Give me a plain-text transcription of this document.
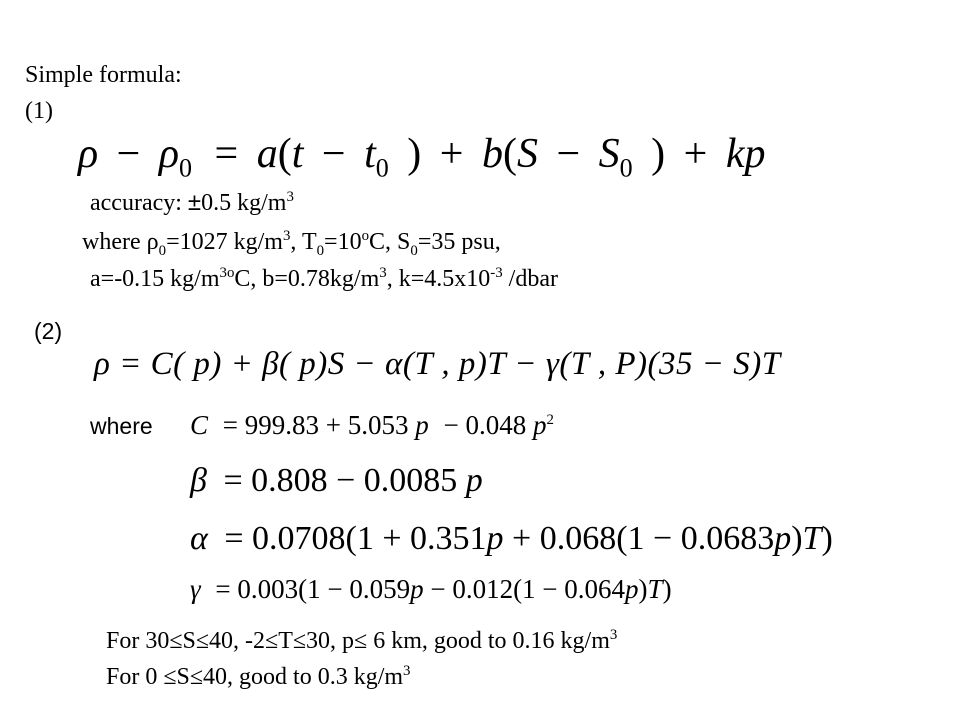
Simple formula:
(1)
$\rho - \rho_0 = a(t - t_0$ ) + $b(S - S_0$ ) + kp
accuracy: ±0.5 $kg/m^3$
where $\rho_0=1027$ $kg/m^3$, $T_0=10^oC$, $S_0=35$ psu,
a=-0.15 $kg/m^{3o}C$, $b=0.78kg/m^3$, $k=4.5x10^{-3}$ /dbar
(2)
ρ = C( p) + β( p)S − α(T , p)T − γ(T , P)(35 − S)T
where C = 999.83 + 5.053 p − 0.048 $p^2$
β = 0.808 − 0.0085 p
α = 0.0708(1 + 0.351p + 0.068(1 − 0.0683p)T)
γ = 0.003(1 − 0.059p − 0.012(1 − 0.064p)T)
For 30≤S≤40, -2≤T≤30, p≤ 6 km, good to 0.16 $kg/m^3$
For 0 ≤S≤40, good to 0.3 $kg/m^3$
